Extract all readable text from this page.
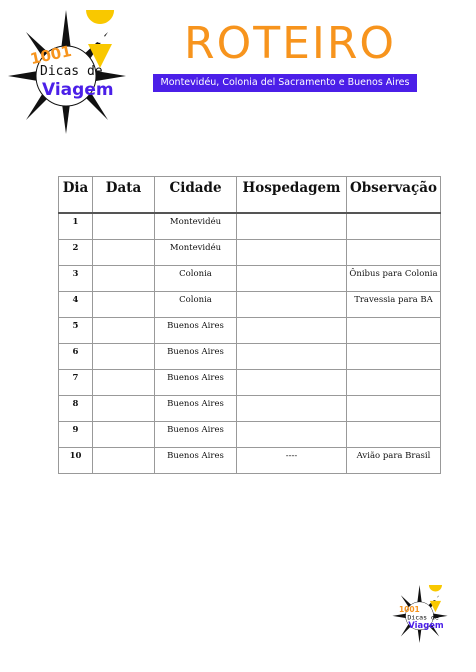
1001
Dicas de
Viagem
ROTEIRO
Montevidéu, Colonia del Sacramento e Buenos Aires
Dia	Data	Cidade	Hospedagem	Observação
1		Montevidéu		
2		Montevidéu		
3		Colonia		Ônibus para Colonia
4		Colonia		Travessia para BA
5		Buenos Aires		
6		Buenos Aires		
7		Buenos Aires		
8		Buenos Aires		
9		Buenos Aires		
10		Buenos Aires	----	Avião para Brasil
1001
Dicas de
Viagem
